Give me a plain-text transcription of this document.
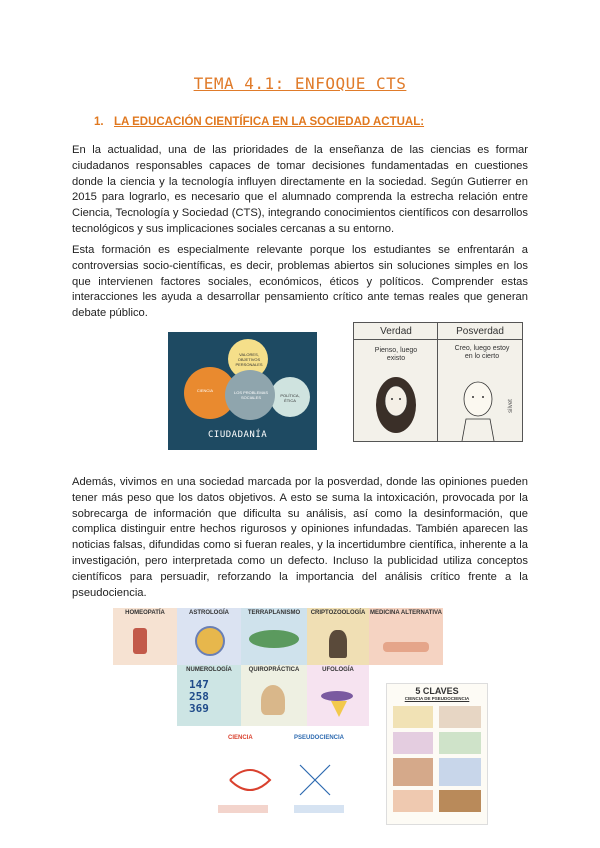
TEMA 4.1: ENFOQUE CTS
1. LA EDUCACIÓN CIENTÍFICA EN LA SOCIEDAD ACTUAL:

En la actualidad, una de las prioridades de la enseñanza de las ciencias es formar ciudadanos responsables capaces de tomar decisiones fundamentadas en cuestiones donde la ciencia y la tecnología influyen directamente en la sociedad. Según Gutierrer en 2015 para lograrlo, es necesario que el alumnado comprenda la estrecha relación entre Ciencia, Tecnología y Sociedad (CTS), integrando conocimientos científicos con desarrollos tecnológicos y sus implicaciones sociales cercanas a su entorno.

Esta formación es especialmente relevante porque los estudiantes se enfrentarán a controversias socio-científicas, es decir, problemas abiertos sin soluciones simples en los que intervienen factores sociales, económicos, éticos y políticos. Comprender estas interacciones les ayuda a desarrollar pensamiento crítico ante temas reales que generan debate público.

VALORES, OBJETIVOS PERSONALES
CIENCIA	LOS PROBLEMAS SOCIALES	POLÍTICA, ÉTICA
CIUDADANÍA
Verdad	Posverdad
Pienso, luego existo
Creo, luego estoy en lo cierto
silvet

Además, vivimos en una sociedad marcada por la posverdad, donde las opiniones pueden tener más peso que los datos objetivos. A esto se suma la intoxicación, provocada por la sobrecarga de información que dificulta su análisis, así como la desinformación, que complica distinguir entre hechos rigurosos y opiniones infundadas. También aparecen las noticias falsas, difundidas como si fueran reales, y la incertidumbre científica, inherente a la investigación, pero interpretada como un defecto. Incluso la publicidad utiliza conceptos científicos para persuadir, reforzando la importancia del análisis crítico frente a la pseudociencia.

HOMEOPATÍA	ASTROLOGÍA	TERRAPLANISMO	CRIPTOZOOLOGÍA MEDICINA ALTERNATIVA
NUMEROLOGÍA
147
258
369
QUIROPRÁCTICA	UFOLOGÍA
CIENCIA	PSEUDOCIENCIA
5 CLAVES
CIENCIA DE PSEUDOCIENCIA
